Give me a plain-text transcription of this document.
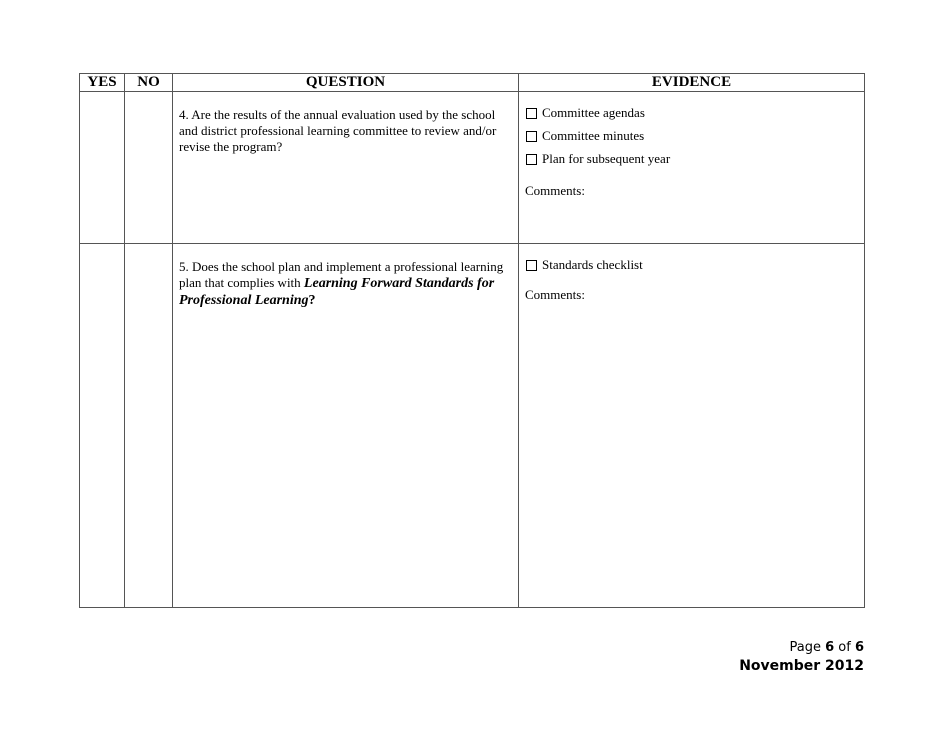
YES	NO	QUESTION	EVIDENCE

		4. Are the results of the annual evaluation used by the school and district professional learning committee to review and/or revise the program?	Committee agendas
Committee minutes
Plan for subsequent year
Comments:

		5. Does the school plan and implement a professional learning plan that complies with Learning Forward Standards for Professional Learning?	Standards checklist
Comments:
Page 6 of 6
November 2012
